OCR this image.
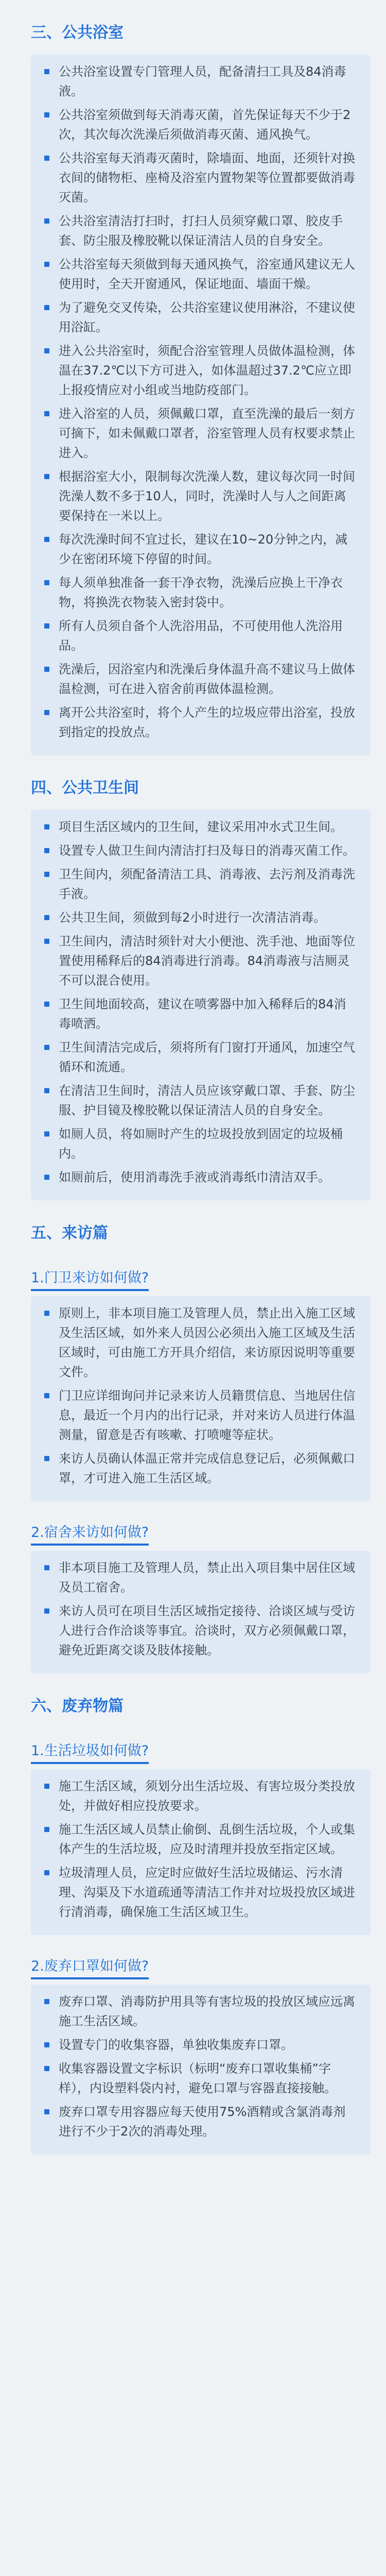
三、公共浴室
公共浴室设置专门管理人员，配备清扫工具及84消毒液。
公共浴室须做到每天消毒灭菌，首先保证每天不少于2次，其次每次洗澡后须做消毒灭菌、通风换气。
公共浴室每天消毒灭菌时，除墙面、地面，还须针对换衣间的储物柜、座椅及浴室内置物架等位置都要做消毒灭菌。
公共浴室清洁打扫时，打扫人员须穿戴口罩、胶皮手套、防尘服及橡胶靴以保证清洁人员的自身安全。
公共浴室每天须做到每天通风换气，浴室通风建议无人使用时，全天开窗通风，保证地面、墙面干燥。
为了避免交叉传染，公共浴室建议使用淋浴，不建议使用浴缸。
进入公共浴室时，须配合浴室管理人员做体温检测，体温在37.2℃以下方可进入，如体温超过37.2℃应立即上报疫情应对小组或当地防疫部门。
进入浴室的人员，须佩戴口罩，直至洗澡的最后一刻方可摘下，如未佩戴口罩者，浴室管理人员有权要求禁止进入。
根据浴室大小，限制每次洗澡人数，建议每次同一时间洗澡人数不多于10人，同时，洗澡时人与人之间距离要保持在一米以上。
每次洗澡时间不宜过长，建议在10~20分钟之内，减少在密闭环境下停留的时间。
每人须单独准备一套干净衣物，洗澡后应换上干净衣物，将换洗衣物装入密封袋中。
所有人员须自备个人洗浴用品，不可使用他人洗浴用品。
洗澡后，因浴室内和洗澡后身体温升高不建议马上做体温检测，可在进入宿舍前再做体温检测。
离开公共浴室时，将个人产生的垃圾应带出浴室，投放到指定的投放点。
四、公共卫生间
项目生活区域内的卫生间，建议采用冲水式卫生间。
设置专人做卫生间内清洁打扫及每日的消毒灭菌工作。
卫生间内，须配备清洁工具、消毒液、去污剂及消毒洗手液。
公共卫生间，须做到每2小时进行一次清洁消毒。
卫生间内，清洁时须针对大小便池、洗手池、地面等位置使用稀释后的84消毒进行消毒。84消毒液与洁厕灵不可以混合使用。
卫生间地面较高，建议在喷雾器中加入稀释后的84消毒喷洒。
卫生间清洁完成后，须将所有门窗打开通风，加速空气循环和流通。
在清洁卫生间时，清洁人员应该穿戴口罩、手套、防尘服、护目镜及橡胶靴以保证清洁人员的自身安全。
如厕人员，将如厕时产生的垃圾投放到固定的垃圾桶内。
如厕前后，使用消毒洗手液或消毒纸巾清洁双手。
五、来访篇
1.门卫来访如何做?
原则上，非本项目施工及管理人员，禁止出入施工区域及生活区域，如外来人员因公必须出入施工区域及生活区域时，可由施工方开具介绍信，来访原因说明等重要文件。
门卫应详细询问并记录来访人员籍贯信息、当地居住信息，最近一个月内的出行记录，并对来访人员进行体温测量，留意是否有咳嗽、打喷嚏等症状。
来访人员确认体温正常并完成信息登记后，必须佩戴口罩，才可进入施工生活区域。
2.宿舍来访如何做?
非本项目施工及管理人员，禁止出入项目集中居住区域及员工宿舍。
来访人员可在项目生活区域指定接待、洽谈区域与受访人进行合作洽谈等事宜。洽谈时，双方必须佩戴口罩，避免近距离交谈及肢体接触。
六、废弃物篇
1.生活垃圾如何做?
施工生活区域，须划分出生活垃圾、有害垃圾分类投放处，并做好相应投放要求。
施工生活区域人员禁止偷倒、乱倒生活垃圾，个人或集体产生的生活垃圾，应及时清理并投放至指定区域。
垃圾清理人员，应定时应做好生活垃圾储运、污水清理、沟渠及下水道疏通等清洁工作并对垃圾投放区域进行清消毒，确保施工生活区域卫生。
2.废弃口罩如何做?
废弃口罩、消毒防护用具等有害垃圾的投放区域应远离施工生活区域。
设置专门的收集容器，单独收集废弃口罩。
收集容器设置文字标识（标明“废弃口罩收集桶”字样），内设塑料袋内衬，避免口罩与容器直接接触。
废弃口罩专用容器应每天使用75%酒精或含氯消毒剂进行不少于2次的消毒处理。
